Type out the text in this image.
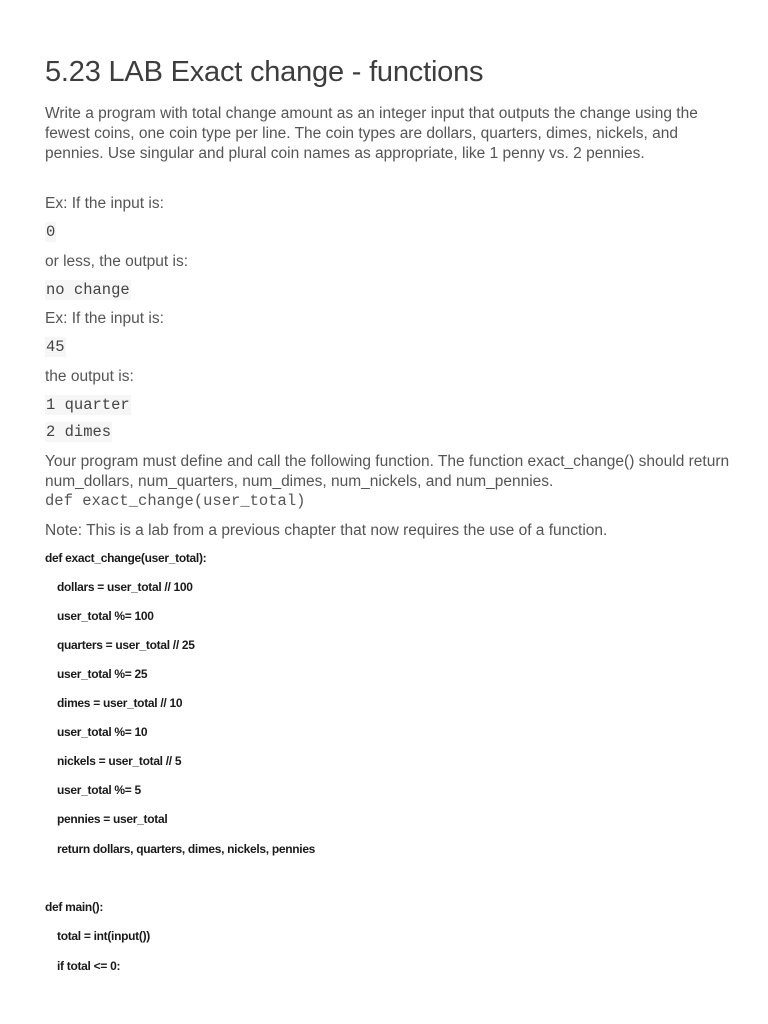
5.23 LAB Exact change - functions

Write a program with total change amount as an integer input that outputs the change using the fewest coins, one coin type per line. The coin types are dollars, quarters, dimes, nickels, and pennies. Use singular and plural coin names as appropriate, like 1 penny vs. 2 pennies.

Ex: If the input is:

0

or less, the output is:

no change

Ex: If the input is:

45

the output is:

1 quarter
2 dimes

Your program must define and call the following function. The function exact_change() should return num_dollars, num_quarters, num_dimes, num_nickels, and num_pennies.

def exact_change(user_total)

Note: This is a lab from a previous chapter that now requires the use of a function.

def exact_change(user_total):
dollars = user_total // 100
user_total %= 100
quarters = user_total // 25
user_total %= 25
dimes = user_total // 10
user_total %= 10
nickels = user_total // 5
user_total %= 5
pennies = user_total
return dollars, quarters, dimes, nickels, pennies
def main():
total = int(input())
if total <= 0:
